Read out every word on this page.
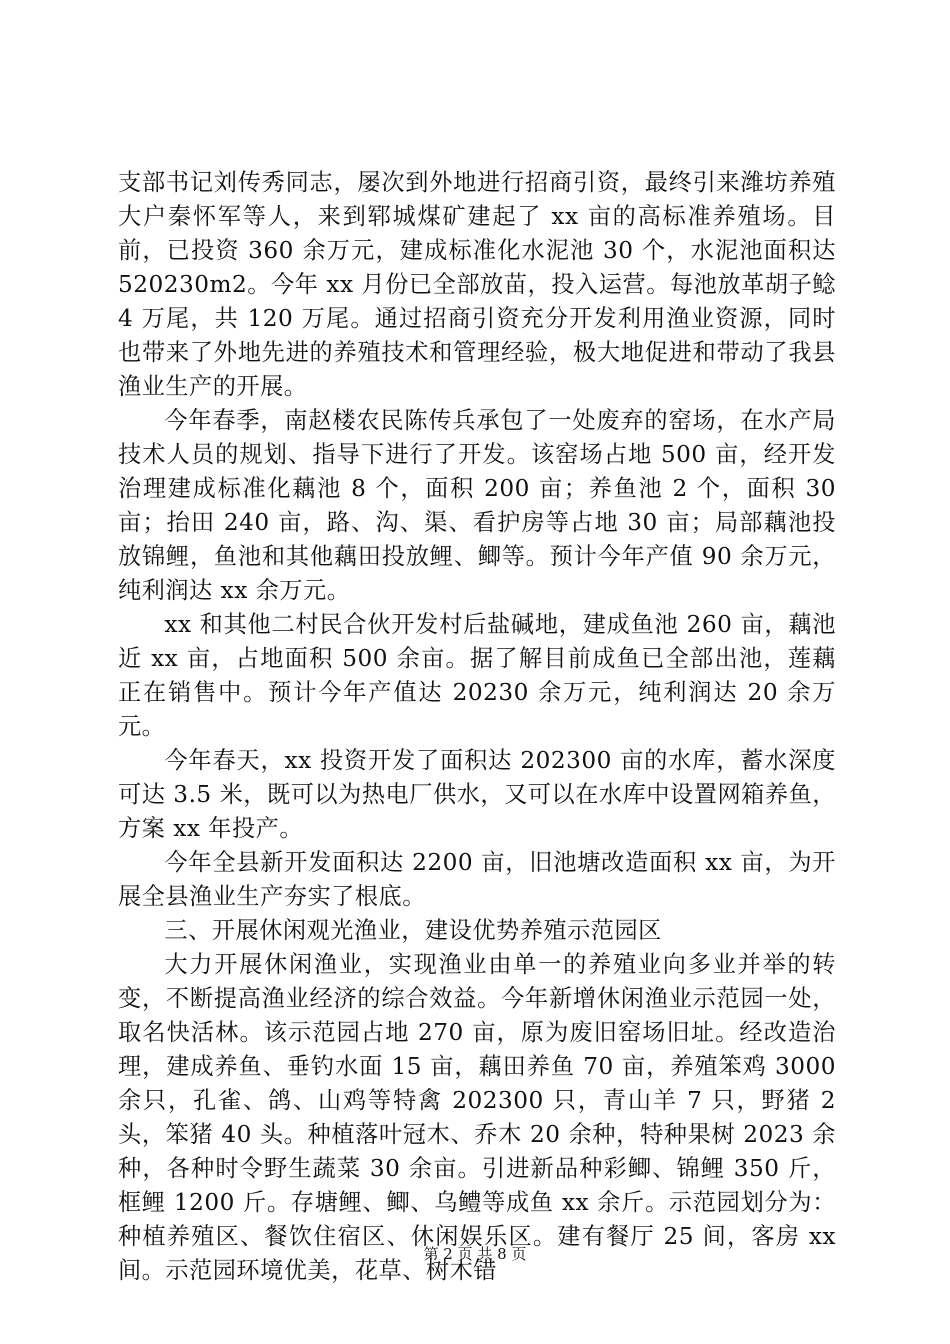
支部书记刘传秀同志，屡次到外地进行招商引资，最终引来潍坊养殖大户秦怀军等人，来到郓城煤矿建起了 xx 亩的高标准养殖场。目前，已投资 360 余万元，建成标准化水泥池 30 个，水泥池面积达 520230m2。今年 xx 月份已全部放苗，投入运营。每池放革胡子鲶 4 万尾，共 120 万尾。通过招商引资充分开发利用渔业资源，同时也带来了外地先进的养殖技术和管理经验，极大地促进和带动了我县渔业生产的开展。

今年春季，南赵楼农民陈传兵承包了一处废弃的窑场，在水产局技术人员的规划、指导下进行了开发。该窑场占地 500 亩，经开发治理建成标准化藕池 8 个，面积 200 亩；养鱼池 2 个，面积 30 亩；抬田 240 亩，路、沟、渠、看护房等占地 30 亩；局部藕池投放锦鲤，鱼池和其他藕田投放鲤、鲫等。预计今年产值 90 余万元，纯利润达 xx 余万元。

xx 和其他二村民合伙开发村后盐碱地，建成鱼池 260 亩，藕池近 xx 亩，占地面积 500 余亩。据了解目前成鱼已全部出池，莲藕正在销售中。预计今年产值达 20230 余万元，纯利润达 20 余万元。

今年春天，xx 投资开发了面积达 202300 亩的水库，蓄水深度可达 3.5 米，既可以为热电厂供水，又可以在水库中设置网箱养鱼，方案 xx 年投产。

今年全县新开发面积达 2200 亩，旧池塘改造面积 xx 亩，为开展全县渔业生产夯实了根底。

三、开展休闲观光渔业，建设优势养殖示范园区

大力开展休闲渔业，实现渔业由单一的养殖业向多业并举的转变，不断提高渔业经济的综合效益。今年新增休闲渔业示范园一处，取名快活林。该示范园占地 270 亩，原为废旧窑场旧址。经改造治理，建成养鱼、垂钓水面 15 亩，藕田养鱼 70 亩，养殖笨鸡 3000 余只，孔雀、鸽、山鸡等特禽 202300 只，青山羊 7 只，野猪 2 头，笨猪 40 头。种植落叶冠木、乔木 20 余种，特种果树 2023 余种，各种时令野生蔬菜 30 余亩。引进新品种彩鲫、锦鲤 350 斤，框鲤 1200 斤。存塘鲤、鲫、乌鳢等成鱼 xx 余斤。示范园划分为：种植养殖区、餐饮住宿区、休闲娱乐区。建有餐厅 25 间，客房 xx 间。示范园环境优美，花草、树木错

第 2 页 共 8 页
